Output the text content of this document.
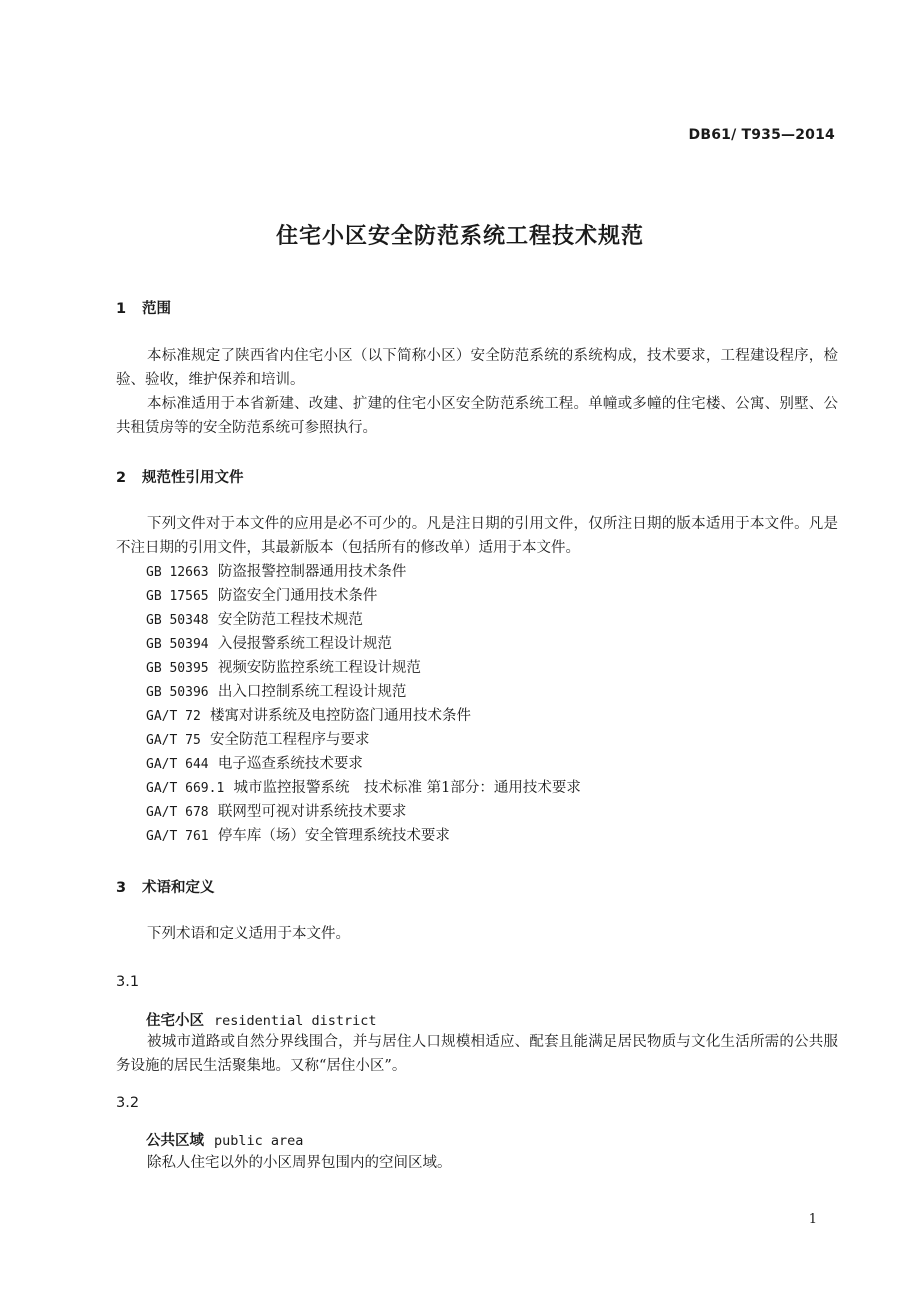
DB61/ T935—2014
住宅小区安全防范系统工程技术规范
1 范围
本标准规定了陕西省内住宅小区（以下简称小区）安全防范系统的系统构成，技术要求，工程建设程序，检验、验收，维护保养和培训。
本标准适用于本省新建、改建、扩建的住宅小区安全防范系统工程。单幢或多幢的住宅楼、公寓、别墅、公共租赁房等的安全防范系统可参照执行。
2 规范性引用文件
下列文件对于本文件的应用是必不可少的。凡是注日期的引用文件，仅所注日期的版本适用于本文件。凡是不注日期的引用文件，其最新版本（包括所有的修改单）适用于本文件。
GB 12663 防盗报警控制器通用技术条件
GB 17565 防盗安全门通用技术条件
GB 50348 安全防范工程技术规范
GB 50394 入侵报警系统工程设计规范
GB 50395 视频安防监控系统工程设计规范
GB 50396 出入口控制系统工程设计规范
GA/T 72 楼寓对讲系统及电控防盗门通用技术条件
GA/T 75 安全防范工程程序与要求
GA/T 644 电子巡查系统技术要求
GA/T 669.1 城市监控报警系统　技术标准 第1部分：通用技术要求
GA/T 678 联网型可视对讲系统技术要求
GA/T 761 停车库（场）安全管理系统技术要求
3 术语和定义
下列术语和定义适用于本文件。
3.1
住宅小区 residential district
被城市道路或自然分界线围合，并与居住人口规模相适应、配套且能满足居民物质与文化生活所需的公共服务设施的居民生活聚集地。又称“居住小区”。
3.2
公共区域 public area
除私人住宅以外的小区周界包围内的空间区域。
1
